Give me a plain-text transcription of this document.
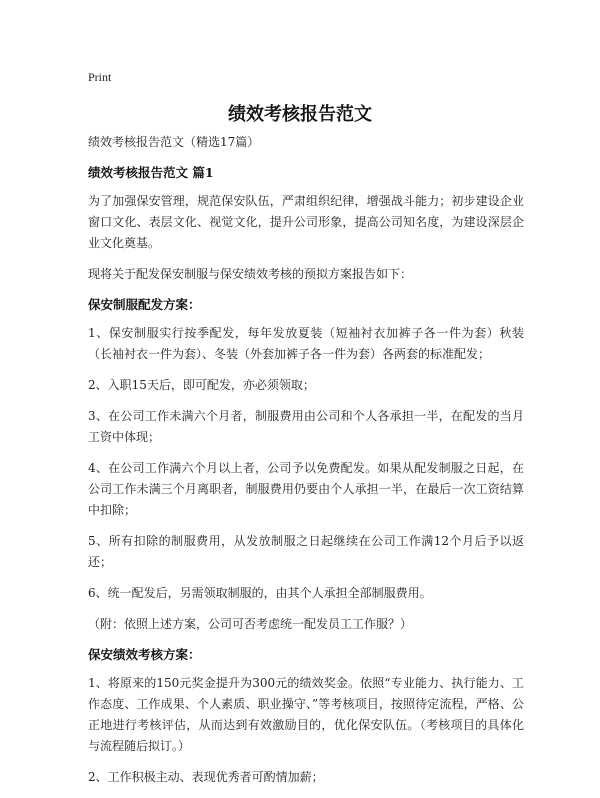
Print
绩效考核报告范文

绩效考核报告范文（精选17篇）

绩效考核报告范文 篇1

为了加强保安管理，规范保安队伍，严肃组织纪律，增强战斗能力；初步建设企业窗口文化、表层文化、视觉文化，提升公司形象，提高公司知名度，为建设深层企业文化奠基。

现将关于配发保安制服与保安绩效考核的预拟方案报告如下：

保安制服配发方案：

1、保安制服实行按季配发，每年发放夏装（短袖衬衣加裤子各一件为套）秋装（长袖衬衣一件为套）、冬装（外套加裤子各一件为套）各两套的标准配发；

2、入职15天后，即可配发，亦必须领取；

3、在公司工作未满六个月者，制服费用由公司和个人各承担一半，在配发的当月工资中体现；

4、在公司工作满六个月以上者，公司予以免费配发。如果从配发制服之日起，在公司工作未满三个月离职者，制服费用仍要由个人承担一半，在最后一次工资结算中扣除；

5、所有扣除的制服费用，从发放制服之日起继续在公司工作满12个月后予以返还；

6、统一配发后，另需领取制服的，由其个人承担全部制服费用。

（附：依照上述方案，公司可否考虑统一配发员工工作服？）

保安绩效考核方案：

1、将原来的150元奖金提升为300元的绩效奖金。依照“专业能力、执行能力、工作态度、工作成果、个人素质、职业操守、”等考核项目，按照待定流程，严格、公正地进行考核评估，从而达到有效激励目的，优化保安队伍。（考核项目的具体化与流程随后拟订。）

2、工作积极主动、表现优秀者可酌情加薪；
